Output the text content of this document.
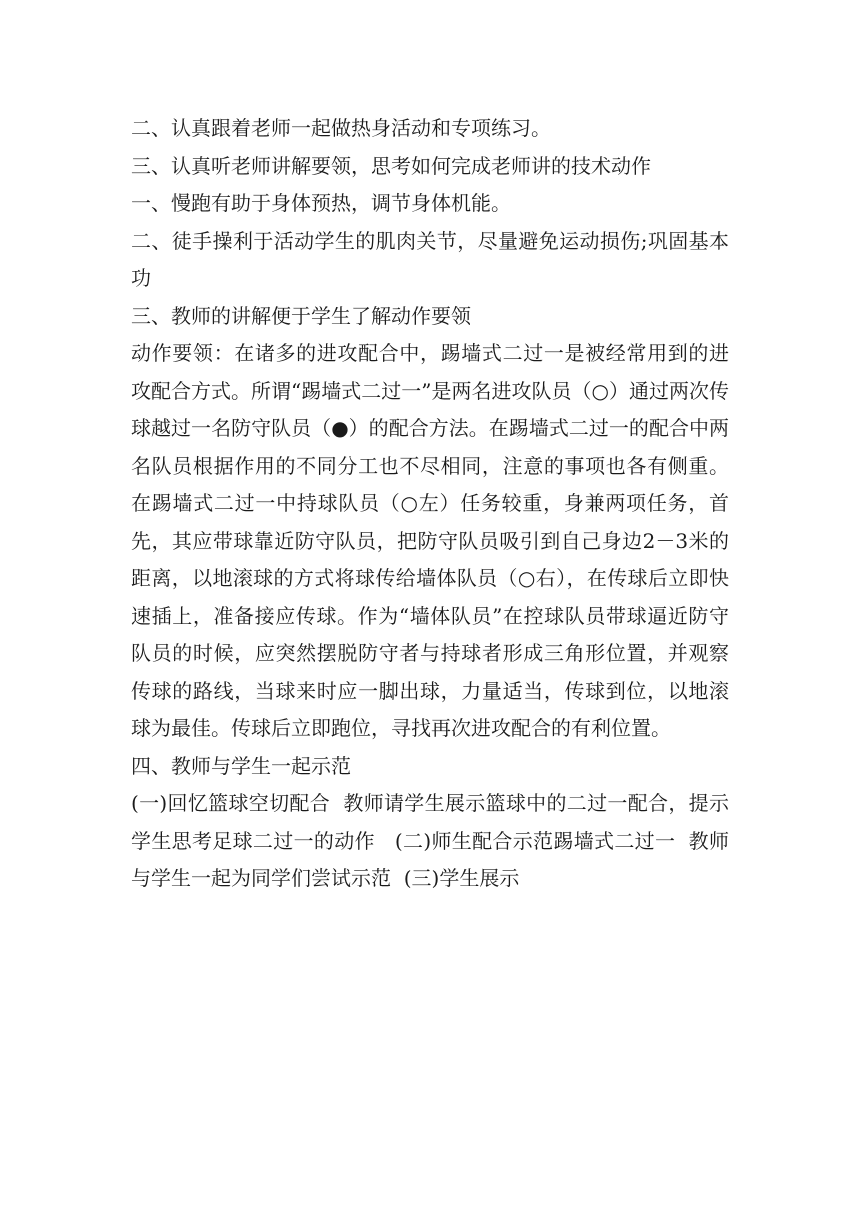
二、认真跟着老师一起做热身活动和专项练习。

三、认真听老师讲解要领，思考如何完成老师讲的技术动作

一、慢跑有助于身体预热，调节身体机能。

二、徒手操利于活动学生的肌肉关节，尽量避免运动损伤;巩固基本功

三、教师的讲解便于学生了解动作要领

动作要领：在诸多的进攻配合中，踢墙式二过一是被经常用到的进攻配合方式。所谓“踢墙式二过一”是两名进攻队员（○）通过两次传球越过一名防守队员（●）的配合方法。在踢墙式二过一的配合中两名队员根据作用的不同分工也不尽相同，注意的事项也各有侧重。在踢墙式二过一中持球队员（○左）任务较重，身兼两项任务，首先，其应带球靠近防守队员，把防守队员吸引到自己身边2－3米的距离，以地滚球的方式将球传给墙体队员（○右），在传球后立即快速插上，准备接应传球。作为“墙体队员”在控球队员带球逼近防守队员的时候，应突然摆脱防守者与持球者形成三角形位置，并观察传球的路线，当球来时应一脚出球，力量适当，传球到位，以地滚球为最佳。传球后立即跑位，寻找再次进攻配合的有利位置。

四、教师与学生一起示范

(一)回忆篮球空切配合  教师请学生展示篮球中的二过一配合，提示学生思考足球二过一的动作   (二)师生配合示范踢墙式二过一  教师与学生一起为同学们尝试示范  (三)学生展示
